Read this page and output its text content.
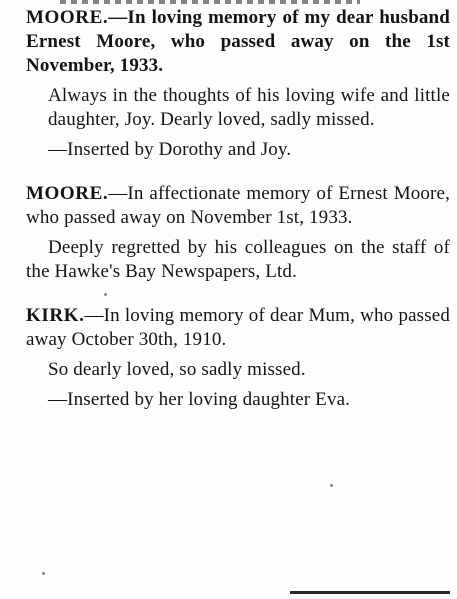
MOORE.—In loving memory of my dear husband Ernest Moore, who passed away on the 1st November, 1933.

Always in the thoughts of his loving wife and little daughter, Joy. Dearly loved, sadly missed.

—Inserted by Dorothy and Joy.

MOORE.—In affectionate memory of Ernest Moore, who passed away on November 1st, 1933.

Deeply regretted by his colleagues on the staff of the Hawke's Bay Newspapers, Ltd.

KIRK.—In loving memory of dear Mum, who passed away October 30th, 1910.

So dearly loved, so sadly missed.

—Inserted by her loving daughter Eva.
